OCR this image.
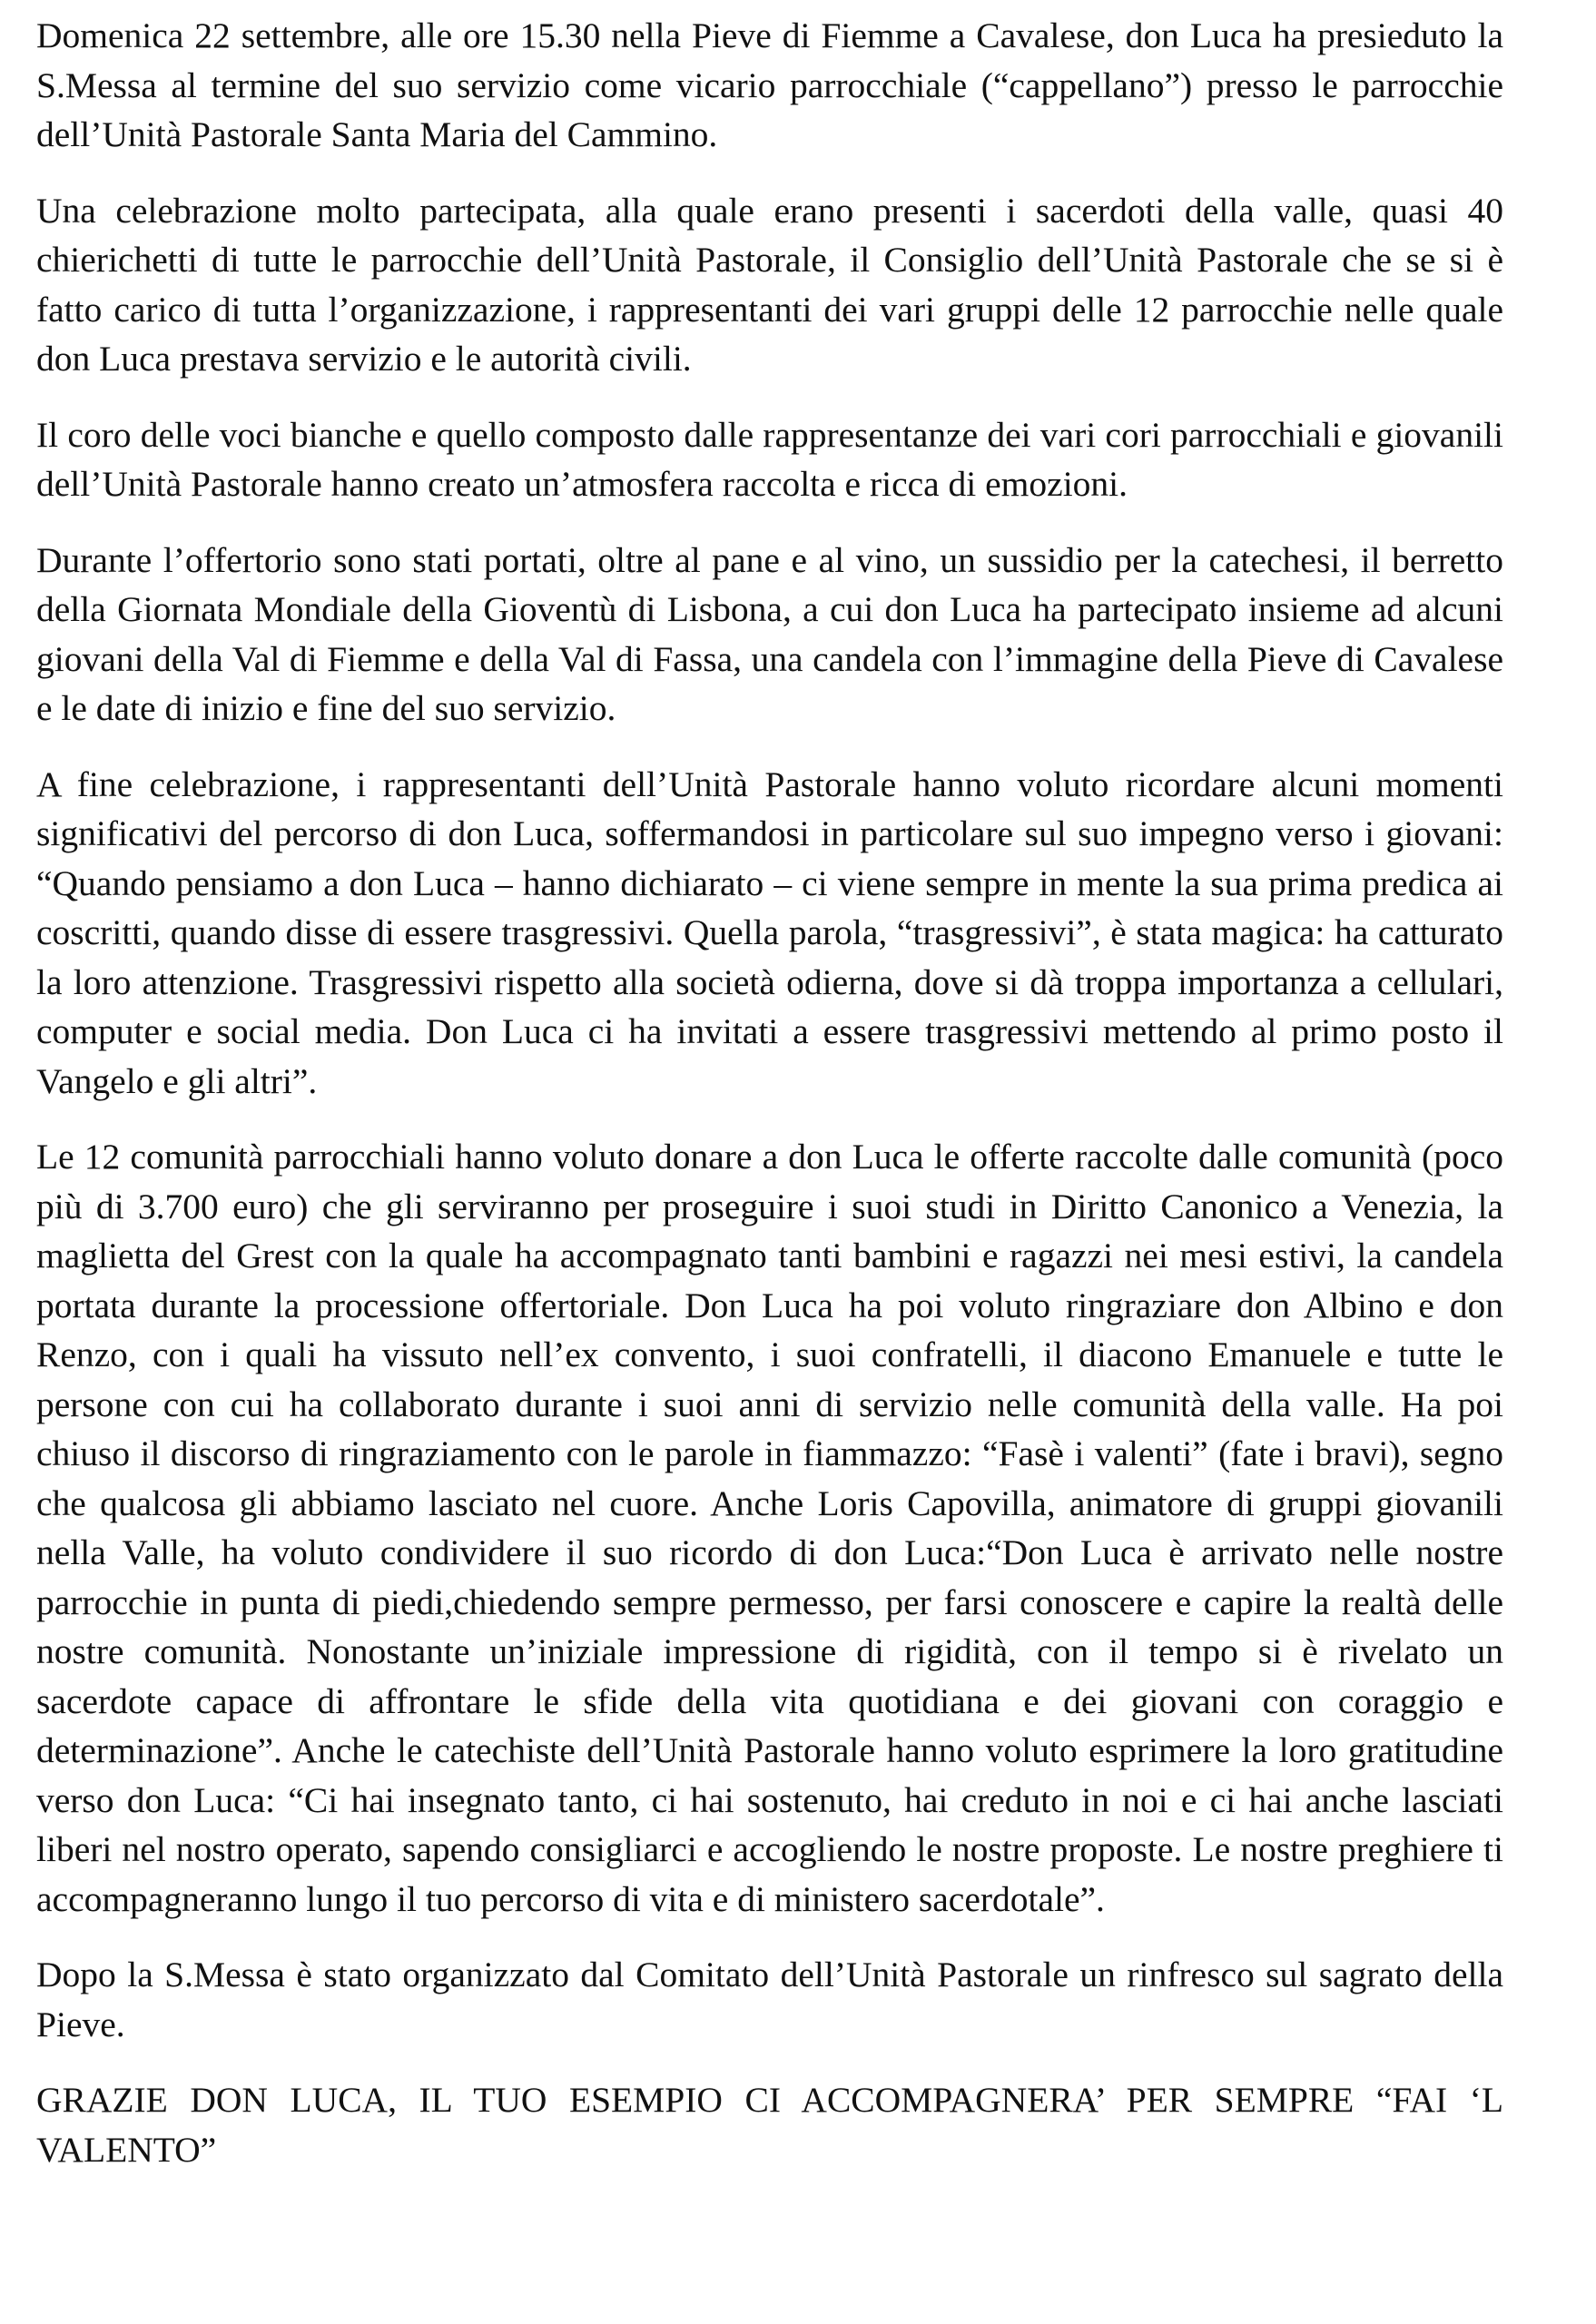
Domenica 22 settembre, alle ore 15.30 nella Pieve di Fiemme a Cavalese, don Luca ha presieduto la S.Messa al termine del suo servizio come vicario parrocchiale (“cappellano”) presso le parrocchie dell’Unità Pastorale Santa Maria del Cammino.

Una celebrazione molto partecipata, alla quale erano presenti i sacerdoti della valle, quasi 40 chierichetti di tutte le parrocchie dell’Unità Pastorale, il Consiglio dell’Unità Pastorale che se si è fatto carico di tutta l’organizzazione, i rappresentanti dei vari gruppi delle 12 parrocchie nelle quale don Luca prestava servizio e le autorità civili.

Il coro delle voci bianche e quello composto dalle rappresentanze dei vari cori parrocchiali e giovanili dell’Unità Pastorale hanno creato un’atmosfera raccolta e ricca di emozioni.

Durante l’offertorio sono stati portati, oltre al pane e al vino, un sussidio per la catechesi, il berretto della Giornata Mondiale della Gioventù di Lisbona, a cui don Luca ha partecipato insieme ad alcuni giovani della Val di Fiemme e della Val di Fassa, una candela con l’immagine della Pieve di Cavalese e le date di inizio e fine del suo servizio.

A fine celebrazione, i rappresentanti dell’Unità Pastorale hanno voluto ricordare alcuni momenti significativi del percorso di don Luca, soffermandosi in particolare sul suo impegno verso i giovani: “Quando pensiamo a don Luca – hanno dichiarato – ci viene sempre in mente la sua prima predica ai coscritti, quando disse di essere trasgressivi. Quella parola, “trasgressivi”, è stata magica: ha catturato la loro attenzione. Trasgressivi rispetto alla società odierna, dove si dà troppa importanza a cellulari, computer e social media. Don Luca ci ha invitati a essere trasgressivi mettendo al primo posto il Vangelo e gli altri”.

Le 12 comunità parrocchiali hanno voluto donare a don Luca le offerte raccolte dalle comunità (poco più di 3.700 euro) che gli serviranno per proseguire i suoi studi in Diritto Canonico a Venezia, la maglietta del Grest con la quale ha accompagnato tanti bambini e ragazzi nei mesi estivi, la candela portata durante la processione offertoriale. Don Luca ha poi voluto ringraziare don Albino e don Renzo, con i quali ha vissuto nell’ex convento, i suoi confratelli, il diacono Emanuele e tutte le persone con cui ha collaborato durante i suoi anni di servizio nelle comunità della valle. Ha poi chiuso il discorso di ringraziamento con le parole in fiammazzo: “Fasè i valenti” (fate i bravi), segno che qualcosa gli abbiamo lasciato nel cuore. Anche Loris Capovilla, animatore di gruppi giovanili nella Valle, ha voluto condividere il suo ricordo di don Luca:“Don Luca è arrivato nelle nostre parrocchie in punta di piedi,chiedendo sempre permesso, per farsi conoscere e capire la realtà delle nostre comunità. Nonostante un’iniziale impressione di rigidità, con il tempo si è rivelato un sacerdote capace di affrontare le sfide della vita quotidiana e dei giovani con coraggio e determinazione”. Anche le catechiste dell’Unità Pastorale hanno voluto esprimere la loro gratitudine verso don Luca: “Ci hai insegnato tanto, ci hai sostenuto, hai creduto in noi e ci hai anche lasciati liberi nel nostro operato, sapendo consigliarci e accogliendo le nostre proposte. Le nostre preghiere ti accompagneranno lungo il tuo percorso di vita e di ministero sacerdotale”.

Dopo la S.Messa è stato organizzato dal Comitato dell’Unità Pastorale un rinfresco sul sagrato della Pieve.

GRAZIE DON LUCA, IL TUO ESEMPIO CI ACCOMPAGNERA’ PER SEMPRE “FAI ‘L VALENTO”
